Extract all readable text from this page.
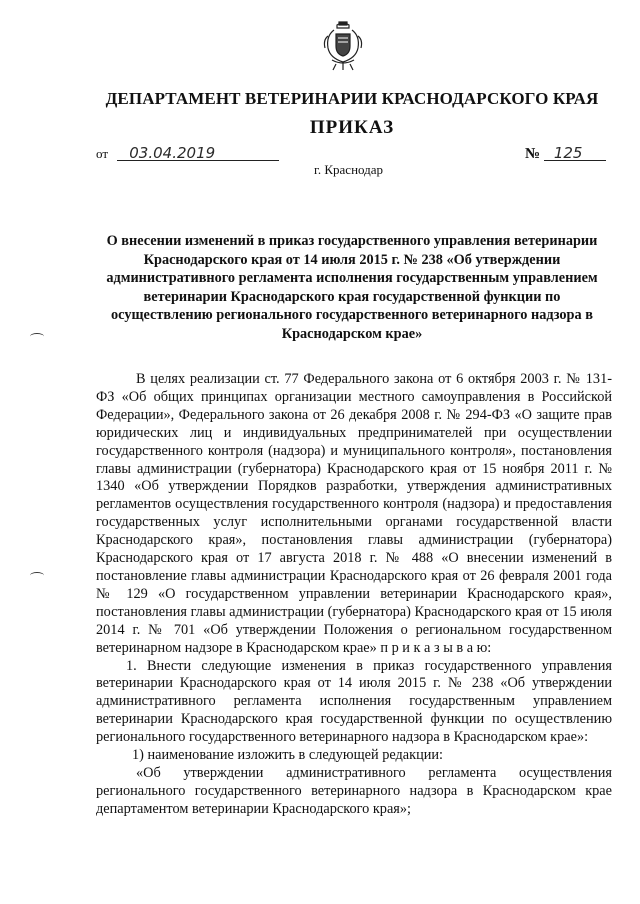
ДЕПАРТАМЕНТ ВЕТЕРИНАРИИ КРАСНОДАРСКОГО КРАЯ
ПРИКАЗ
от 03.04.2019	№ 125
г. Краснодар
О внесении изменений в приказ государственного управления ветеринарии Краснодарского края от 14 июля 2015 г. № 238 «Об утверждении административного регламента исполнения государственным управлением ветеринарии Краснодарского края государственной функции по осуществлению регионального государственного ветеринарного надзора в Краснодарском крае»

В целях реализации ст. 77 Федерального закона от 6 октября 2003 г. № 131-ФЗ «Об общих принципах организации местного самоуправления в Российской Федерации», Федерального закона от 26 декабря 2008 г. № 294-ФЗ «О защите прав юридических лиц и индивидуальных предпринимателей при осуществлении государственного контроля (надзора) и муниципального контроля», постановления главы администрации (губернатора) Краснодарского края от 15 ноября 2011 г. № 1340 «Об утверждении Порядков разработки, утверждения административных регламентов осуществления государственного контроля (надзора) и предоставления государственных услуг исполнительными органами государственной власти Краснодарского края», постановления главы администрации (губернатора) Краснодарского края от 17 августа 2018 г. № 488 «О внесении изменений в постановление главы администрации Краснодарского края от 26 февраля 2001 года № 129 «О государственном управлении ветеринарии Краснодарского края», постановления главы администрации (губернатора) Краснодарского края от 15 июля 2014 г. № 701 «Об утверждении Положения о региональном государственном ветеринарном надзоре в Краснодарском крае» п р и к а з ы в а ю:

1. Внести следующие изменения в приказ государственного управления ветеринарии Краснодарского края от 14 июля 2015 г. № 238 «Об утверждении административного регламента исполнения государственным управлением ветеринарии Краснодарского края государственной функции по осуществлению регионального государственного ветеринарного надзора в Краснодарском крае»:

1) наименование изложить в следующей редакции:

«Об утверждении административного регламента осуществления регионального государственного ветеринарного надзора в Краснодарском крае департаментом ветеринарии Краснодарского края»;
